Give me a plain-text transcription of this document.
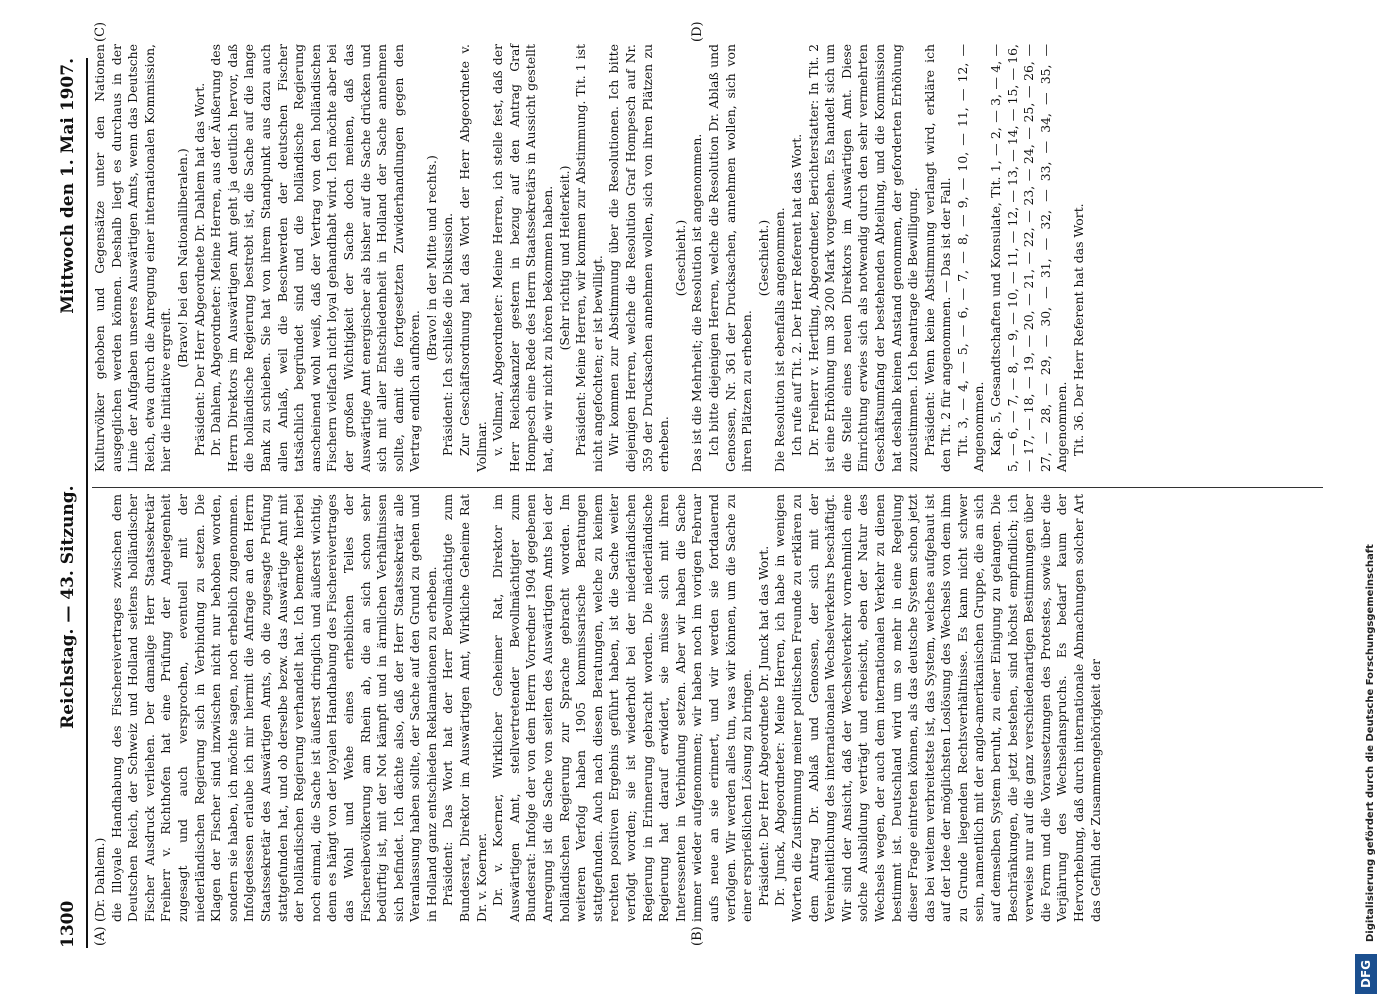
1300
Reichstag. — 43. Sitzung.
Mittwoch den 1. Mai 1907.
(A)	(B)
(C)	(D)

(Dr. Dahlem.) die Illoyale Handhabung des Fischereivertrages zwischen dem Deutschen Reich, der Schweiz und Holland seitens holländischer Fischer Ausdruck verliehen. Der damalige Herr Staatssekretär Freiherr v. Richthofen hat eine Prüfung der Angelegenheit zugesagt und auch versprochen, eventuell mit der niederländischen Regierung sich in Verbindung zu setzen. Die Klagen der Fischer sind inzwischen nicht nur behoben worden, sondern sie haben, ich möchte sagen, noch erheblich zugenommen. Infolgedessen erlaube ich mir hiermit die Anfrage an den Herrn Staatssekretär des Auswärtigen Amts, ob die zugesagte Prüfung stattgefunden hat, und ob derselbe bezw. das Auswärtige Amt mit der holländischen Regierung verhandelt hat. Ich bemerke hierbei noch einmal, die Sache ist äußerst dringlich und äußerst wichtig, denn es hängt von der loyalen Handhabung des Fischereivertrages das Wohl und Wehe eines erheblichen Teiles der Fischereibevölkerung am Rhein ab, die an sich schon sehr bedürftig ist, mit der Not kämpft und in ärmlichen Verhältnissen sich befindet. Ich dächte also, daß der Herr Staatssekretär alle Veranlassung haben sollte, der Sache auf den Grund zu gehen und in Holland ganz entschieden Reklamationen zu erheben. Präsident: Das Wort hat der Herr Bevollmächtigte zum Bundesrat, Direktor im Auswärtigen Amt, Wirkliche Geheime Rat Dr. v. Koerner. Dr. v. Koerner, Wirklicher Geheimer Rat, Direktor im Auswärtigen Amt, stellvertretender Bevollmächtigter zum Bundesrat: Infolge der von dem Herrn Vorredner 1904 gegebenen Anregung ist die Sache von seiten des Auswärtigen Amts bei der holländischen Regierung zur Sprache gebracht worden. Im weiteren Verfolg haben 1905 kommissarische Beratungen stattgefunden. Auch nach diesen Beratungen, welche zu keinem rechten positiven Ergebnis geführt haben, ist die Sache weiter verfolgt worden; sie ist wiederholt bei der niederländischen Regierung in Erinnerung gebracht worden. Die niederländische Regierung hat darauf erwidert, sie müsse sich mit ihren Interessenten in Verbindung setzen. Aber wir haben die Sache immer wieder aufgenommen; wir haben noch im vorigen Februar aufs neue an sie erinnert, und wir werden sie fortdauernd verfolgen. Wir werden alles tun, was wir können, um die Sache zu einer ersprießlichen Lösung zu bringen. Präsident: Der Herr Abgeordnete Dr. Junck hat das Wort. Dr. Junck, Abgeordneter: Meine Herren, ich habe in wenigen Worten die Zustimmung meiner politischen Freunde zu erklären zu dem Antrag Dr. Ablaß und Genossen, der sich mit der Vereinheitlichung des internationalen Wechselverkehrs beschäftigt. Wir sind der Ansicht, daß der Wechselverkehr vornehmlich eine solche Ausbildung verträgt und erheischt, eben der Natur des Wechsels wegen, der auch dem internationalen Verkehr zu dienen bestimmt ist. Deutschland wird um so mehr in eine Regelung dieser Frage eintreten können, als das deutsche System schon jetzt das bei weitem verbreitetste ist, das System, welches aufgebaut ist auf der Idee der möglichsten Loslösung des Wechsels von dem ihm zu Grunde liegenden Rechtsverhältnisse. Es kann nicht schwer sein, namentlich mit der anglo-amerikanischen Gruppe, die an sich auf demselben System beruht, zu einer Einigung zu gelangen. Die Beschränkungen, die jetzt bestehen, sind höchst empfindlich; ich verweise nur auf die ganz verschiedenartigen Bestimmungen über die Form und die Voraussetzungen des Protestes, sowie über die Verjährung des Wechselanspruchs. Es bedarf kaum der Hervorhebung, daß durch internationale Abmachungen solcher Art das Gefühl der Zusammengehörigkeit der

Kulturvölker gehoben und Gegensätze unter den Nationen ausgeglichen werden können. Deshalb liegt es durchaus in der Linie der Aufgaben unseres Auswärtigen Amts, wenn das Deutsche Reich, etwa durch die Anregung einer internationalen Kommission, hier die Initiative ergreift.

(Bravo! bei den Nationalliberalen.) Präsident: Der Herr Abgeordnete Dr. Dahlem hat das Wort. Dr. Dahlem, Abgeordneter: Meine Herren, aus der Äußerung des Herrn Direktors im Auswärtigen Amt geht ja deutlich hervor, daß die holländische Regierung bestrebt ist, die Sache auf die lange Bank zu schieben. Sie hat von ihrem Standpunkt aus dazu auch allen Anlaß, weil die Beschwerden der deutschen Fischer tatsächlich begründet sind und die holländische Regierung anscheinend wohl weiß, daß der Vertrag von den holländischen Fischern vielfach nicht loyal gehandhabt wird. Ich möchte aber bei der großen Wichtigkeit der Sache doch meinen, daß das Auswärtige Amt energischer als bisher auf die Sache drücken und sich mit aller Entschiedenheit in Holland der Sache annehmen sollte, damit die fortgesetzten Zuwiderhandlungen gegen den Vertrag endlich aufhören.

(Bravo! in der Mitte und rechts.) Präsident: Ich schließe die Diskussion. Zur Geschäftsordnung hat das Wort der Herr Abgeordnete v. Vollmar. v. Vollmar, Abgeordneter: Meine Herren, ich stelle fest, daß der Herr Reichskanzler gestern in bezug auf den Antrag Graf Hompesch eine Rede des Herrn Staatssekretärs in Aussicht gestellt hat, die wir nicht zu hören bekommen haben. (Sehr richtig und Heiterkeit.) Präsident: Meine Herren, wir kommen zur Abstimmung. Tit. 1 ist nicht angefochten; er ist bewilligt. Wir kommen zur Abstimmung über die Resolutionen. Ich bitte diejenigen Herren, welche die Resolution Graf Hompesch auf Nr. 359 der Drucksachen annehmen wollen, sich von ihren Plätzen zu erheben.

(Geschieht.) Das ist die Mehrheit; die Resolution ist angenommen. Ich bitte diejenigen Herren, welche die Resolution Dr. Ablaß und Genossen, Nr. 361 der Drucksachen, annehmen wollen, sich von ihren Plätzen zu erheben.

(Geschieht.) Die Resolution ist ebenfalls angenommen. Ich rufe auf Tit. 2. Der Herr Referent hat das Wort. Dr. Freiherr v. Hertling, Abgeordneter, Berichterstatter: In Tit. 2 ist eine Erhöhung um 38 200 Mark vorgesehen. Es handelt sich um die Stelle eines neuen Direktors im Auswärtigen Amt. Diese Einrichtung erwies sich als notwendig durch den sehr vermehrten Geschäftsumfang der bestehenden Abteilung, und die Kommission hat deshalb keinen Anstand genommen, der geforderten Erhöhung zuzustimmen. Ich beantrage die Bewilligung. Präsident: Wenn keine Abstimmung verlangt wird, erkläre ich den Tit. 2 für angenommen. — Das ist der Fall. Tit. 3, — 4, — 5, — 6, — 7, — 8, — 9, — 10, — 11, — 12, — Angenommen. Kap. 5, Gesandtschaften und Konsulate, Tit. 1, — 2, — 3, — 4, — 5, — 6, — 7, — 8, — 9, — 10, — 11, — 12, — 13, — 14, — 15, — 16, — 17, — 18, — 19, — 20, — 21, — 22, — 23, — 24, — 25, — 26, — 27, — 28, — 29, — 30, — 31, — 32, — 33, — 34, — 35, — Angenommen. Tit. 36. Der Herr Referent hat das Wort.

Digitalisierung gefördert durch die Deutsche Forschungsgemeinschaft
DFG
